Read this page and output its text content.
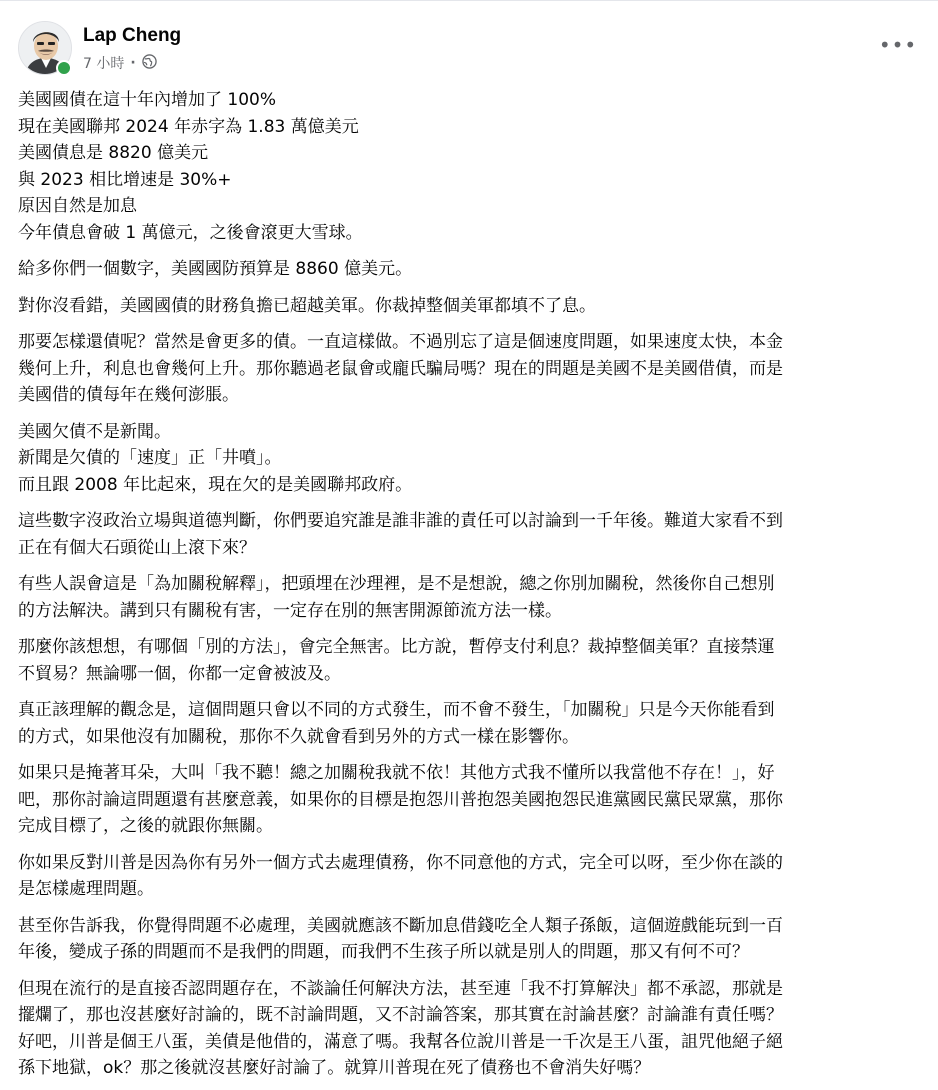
Lap Cheng
7 小時 ·
•••
美國國債在這十年內增加了 100%
現在美國聯邦 2024 年赤字為 1.83 萬億美元
美國債息是 8820 億美元
與 2023 相比增速是 30%+
原因自然是加息
今年債息會破 1 萬億元，之後會滾更大雪球。
給多你們一個數字，美國國防預算是 8860 億美元。
對你沒看錯，美國國債的財務負擔已超越美軍。你裁掉整個美軍都填不了息。
那要怎樣還債呢？當然是會更多的債。一直這樣做。不過別忘了這是個速度問題，如果速度太快，本金
幾何上升，利息也會幾何上升。那你聽過老鼠會或龐氏騙局嗎？現在的問題是美國不是美國借債，而是
美國借的債每年在幾何澎脹。
美國欠債不是新聞。
新聞是欠債的「速度」正「井噴」。
而且跟 2008 年比起來，現在欠的是美國聯邦政府。
這些數字沒政治立場與道德判斷，你們要追究誰是誰非誰的責任可以討論到一千年後。難道大家看不到
正在有個大石頭從山上滾下來？
有些人誤會這是「為加關稅解釋」，把頭埋在沙理裡，是不是想說，總之你別加關稅，然後你自己想別
的方法解決。講到只有關稅有害，一定存在別的無害開源節流方法一樣。
那麼你該想想，有哪個「別的方法」，會完全無害。比方說，暫停支付利息？裁掉整個美軍？直接禁運
不貿易？無論哪一個，你都一定會被波及。
真正該理解的觀念是，這個問題只會以不同的方式發生，而不會不發生，「加關稅」只是今天你能看到
的方式，如果他沒有加關稅，那你不久就會看到另外的方式一樣在影響你。
如果只是掩著耳朵，大叫「我不聽！總之加關稅我就不依！其他方式我不懂所以我當他不存在！」，好
吧，那你討論這問題還有甚麼意義，如果你的目標是抱怨川普抱怨美國抱怨民進黨國民黨民眾黨，那你
完成目標了，之後的就跟你無關。
你如果反對川普是因為你有另外一個方式去處理債務，你不同意他的方式，完全可以呀，至少你在談的
是怎樣處理問題。
甚至你告訴我，你覺得問題不必處理，美國就應該不斷加息借錢吃全人類子孫飯，這個遊戲能玩到一百
年後，變成子孫的問題而不是我們的問題，而我們不生孩子所以就是別人的問題，那又有何不可？
但現在流行的是直接否認問題存在，不談論任何解決方法，甚至連「我不打算解決」都不承認，那就是
擺爛了，那也沒甚麼好討論的，既不討論問題，又不討論答案，那其實在討論甚麼？討論誰有責任嗎？
好吧，川普是個王八蛋，美債是他借的，滿意了嗎。我幫各位說川普是一千次是王八蛋，詛咒他絕子絕
孫下地獄，ok？那之後就沒甚麼好討論了。就算川普現在死了債務也不會消失好嗎？
